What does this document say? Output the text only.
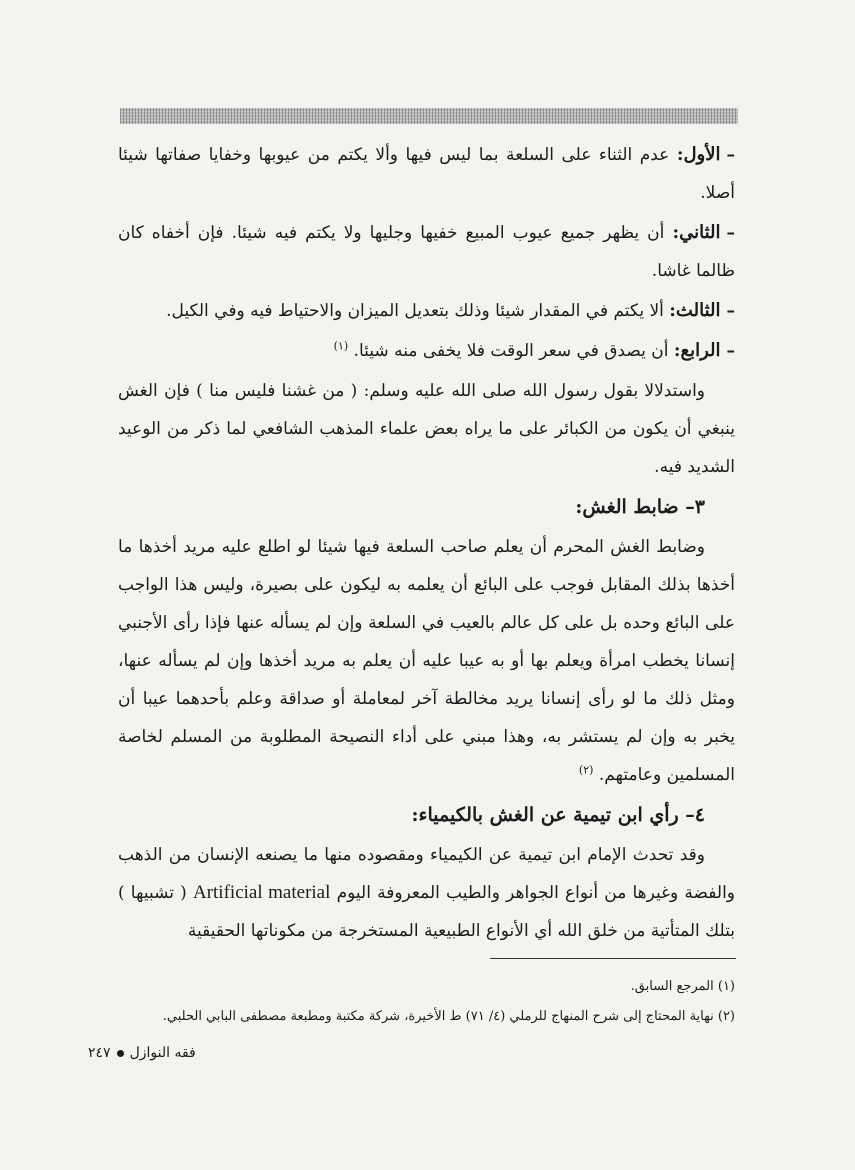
–الأول: عدم الثناء على السلعة بما ليس فيها وألا يكتم من عيوبها وخفايا صفاتها شيئا أصلا.
–الثاني: أن يظهر جميع عيوب المبيع خفيها وجليها ولا يكتم فيه شيئا. فإن أخفاه كان ظالما غاشا.
–الثالث: ألا يكتم في المقدار شيئا وذلك بتعديل الميزان والاحتياط فيه وفي الكيل.
–الرابع: أن يصدق في سعر الوقت فلا يخفى منه شيئا. $^{(١)}$

واستدلالا بقول رسول الله صلى الله عليه وسلم: ( من غشنا فليس منا ) فإن الغش ينبغي أن يكون من الكبائر على ما يراه بعض علماء المذهب الشافعي لما ذكر من الوعيد الشديد فيه.

٣– ضابط الغش:

وضابط الغش المحرم أن يعلم صاحب السلعة فيها شيئا لو اطلع عليه مريد أخذها ما أخذها بذلك المقابل فوجب على البائع أن يعلمه به ليكون على بصيرة، وليس هذا الواجب على البائع وحده بل على كل عالم بالعيب في السلعة وإن لم يسأله عنها فإذا رأى الأجنبي إنسانا يخطب امرأة ويعلم بها أو به عيبا عليه أن يعلم به مريد أخذها وإن لم يسأله عنها، ومثل ذلك ما لو رأى إنسانا يريد مخالطة آخر لمعاملة أو صداقة وعلم بأحدهما عيبا أن يخبر به وإن لم يستشر به، وهذا مبني على أداء النصيحة المطلوبة من المسلم لخاصة المسلمين وعامتهم. $^{(٢)}$

٤– رأي ابن تيمية عن الغش بالكيمياء:

وقد تحدث الإمام ابن تيمية عن الكيمياء ومقصوده منها ما يصنعه الإنسان من الذهب والفضة وغيرها من أنواع الجواهر والطيب المعروفة اليوم Artificial material ( تشبيها ) بتلك المتأتية من خلق الله أي الأنواع الطبيعية المستخرجة من مكوناتها الحقيقية

(١) المرجع السابق.
(٢) نهاية المحتاج إلى شرح المنهاج للرملي (٤/ ٧١) ط الأخيرة، شركة مكتبة ومطبعة مصطفى البابي الحلبي.
فقه النوازل
٢٤٧
